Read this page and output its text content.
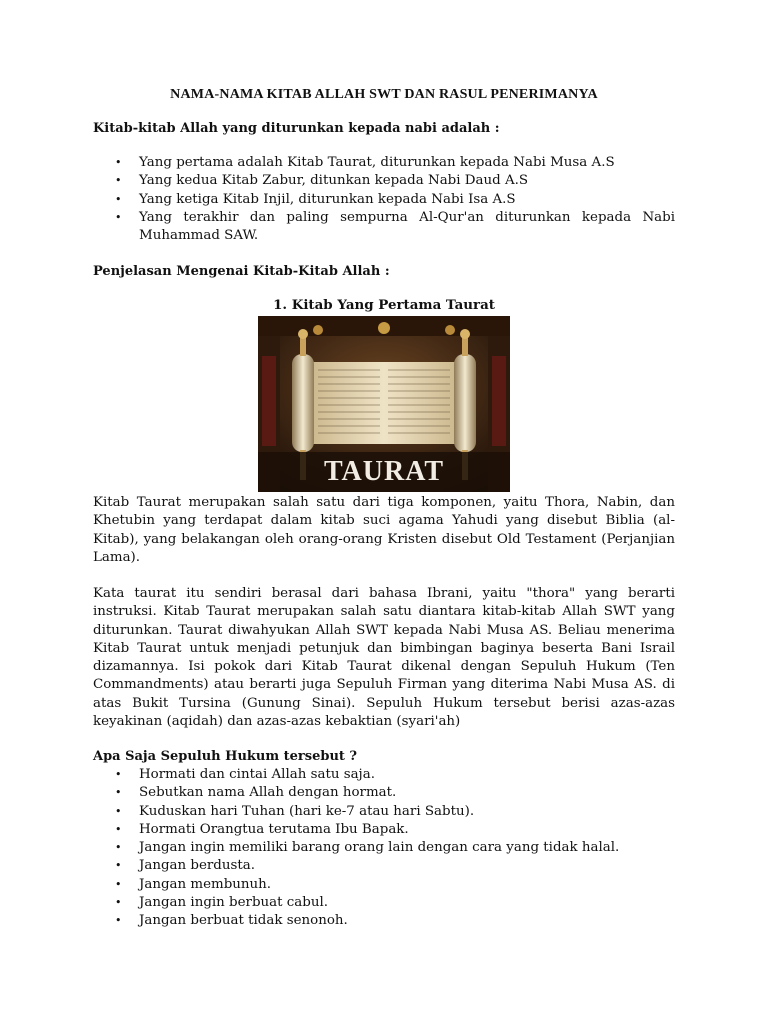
NAMA-NAMA KITAB ALLAH SWT DAN RASUL PENERIMANYA
Kitab-kitab Allah yang diturunkan kepada nabi adalah :
• Yang pertama adalah Kitab Taurat, diturunkan kepada Nabi Musa A.S
• Yang kedua Kitab Zabur, ditunkan kepada Nabi Daud A.S
• Yang ketiga Kitab Injil, diturunkan kepada Nabi Isa A.S
• Yang terakhir dan paling sempurna Al-Qur'an diturunkan kepada Nabi Muhammad SAW.
Penjelasan Mengenai Kitab-Kitab Allah :
1. Kitab Yang Pertama Taurat
TAURAT
Kitab Taurat merupakan salah satu dari tiga komponen, yaitu Thora, Nabin, dan Khetubin yang terdapat dalam kitab suci agama Yahudi yang disebut Biblia (al-Kitab), yang belakangan oleh orang-orang Kristen disebut Old Testament (Perjanjian Lama).
Kata taurat itu sendiri berasal dari bahasa Ibrani, yaitu "thora" yang berarti instruksi. Kitab Taurat merupakan salah satu diantara kitab-kitab Allah SWT yang diturunkan. Taurat diwahyukan Allah SWT kepada Nabi Musa AS. Beliau menerima Kitab Taurat untuk menjadi petunjuk dan bimbingan baginya beserta Bani Israil dizamannya. Isi pokok dari Kitab Taurat dikenal dengan Sepuluh Hukum (Ten Commandments) atau berarti juga Sepuluh Firman yang diterima Nabi Musa AS. di atas Bukit Tursina (Gunung Sinai). Sepuluh Hukum tersebut berisi azas-azas keyakinan (aqidah) dan azas-azas kebaktian (syari'ah)
Apa Saja Sepuluh Hukum tersebut ?
• Hormati dan cintai Allah satu saja.
• Sebutkan nama Allah dengan hormat.
• Kuduskan hari Tuhan (hari ke-7 atau hari Sabtu).
• Hormati Orangtua terutama Ibu Bapak.
• Jangan ingin memiliki barang orang lain dengan cara yang tidak halal.
• Jangan berdusta.
• Jangan membunuh.
• Jangan ingin berbuat cabul.
• Jangan berbuat tidak senonoh.
